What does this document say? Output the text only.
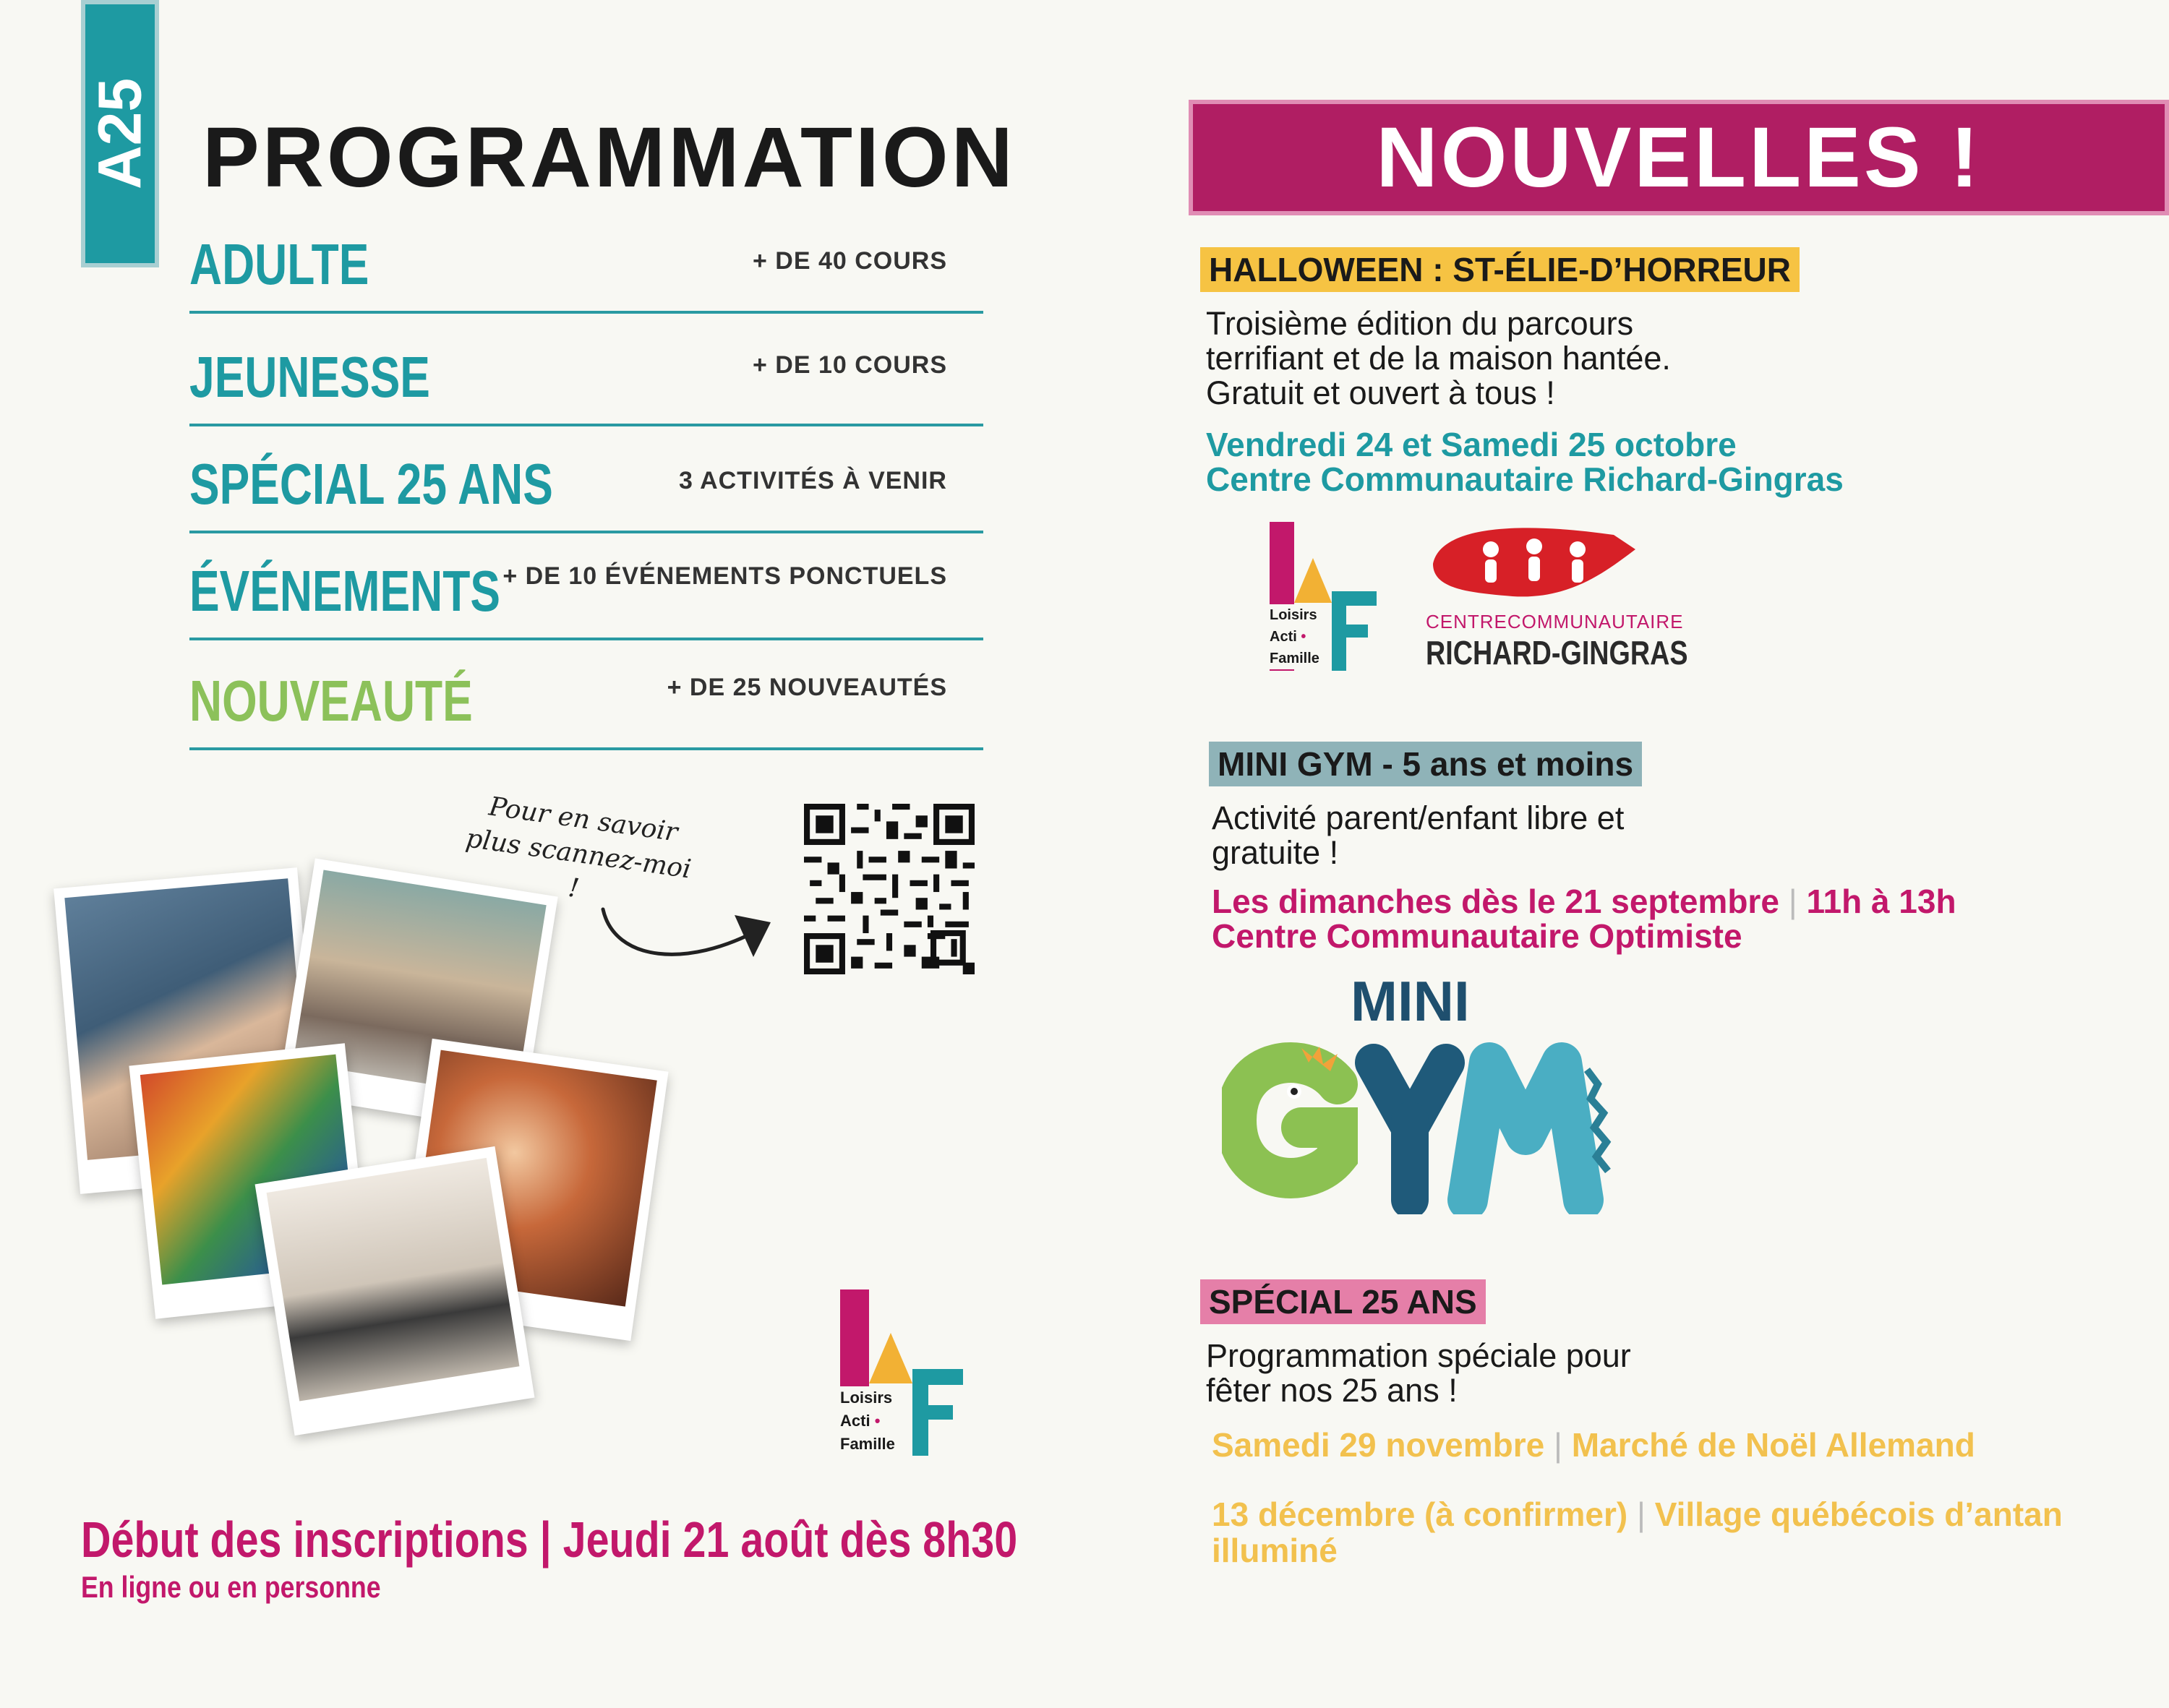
A25 PROGRAMMATION
ADULTE	+ DE 40 COURS
JEUNESSE	+ DE 10 COURS
SPÉCIAL 25 ANS	3 ACTIVITÉS À VENIR
ÉVÉNEMENTS + DE 10 ÉVÉNEMENTS PONCTUELS
NOUVEAUTÉ	+ DE 25 NOUVEAUTÉS
Pour en savoir plus scannez-moi !
Loisirs
Acti •
Famille
Début des inscriptions | Jeudi 21 août dès 8h30
En ligne ou en personne
NOUVELLES !
HALLOWEEN : ST-ÉLIE-D’HORREUR
Troisième édition du parcours
terrifiant et de la maison hantée.
Gratuit et ouvert à tous !
Vendredi 24 et Samedi 25 octobre
Centre Communautaire Richard-Gingras
Loisirs
Acti •
Famille
CENTRECOMMUNAUTAIRE
RICHARD-GINGRAS
MINI GYM - 5 ans et moins
Activité parent/enfant libre et
gratuite !
Les dimanches dès le 21 septembre | 11h à 13h
Centre Communautaire Optimiste
MINI
SPÉCIAL 25 ANS
Programmation spéciale pour
fêter nos 25 ans !
Samedi 29 novembre | Marché de Noël Allemand
13 décembre (à confirmer) | Village québécois d’antan
illuminé
